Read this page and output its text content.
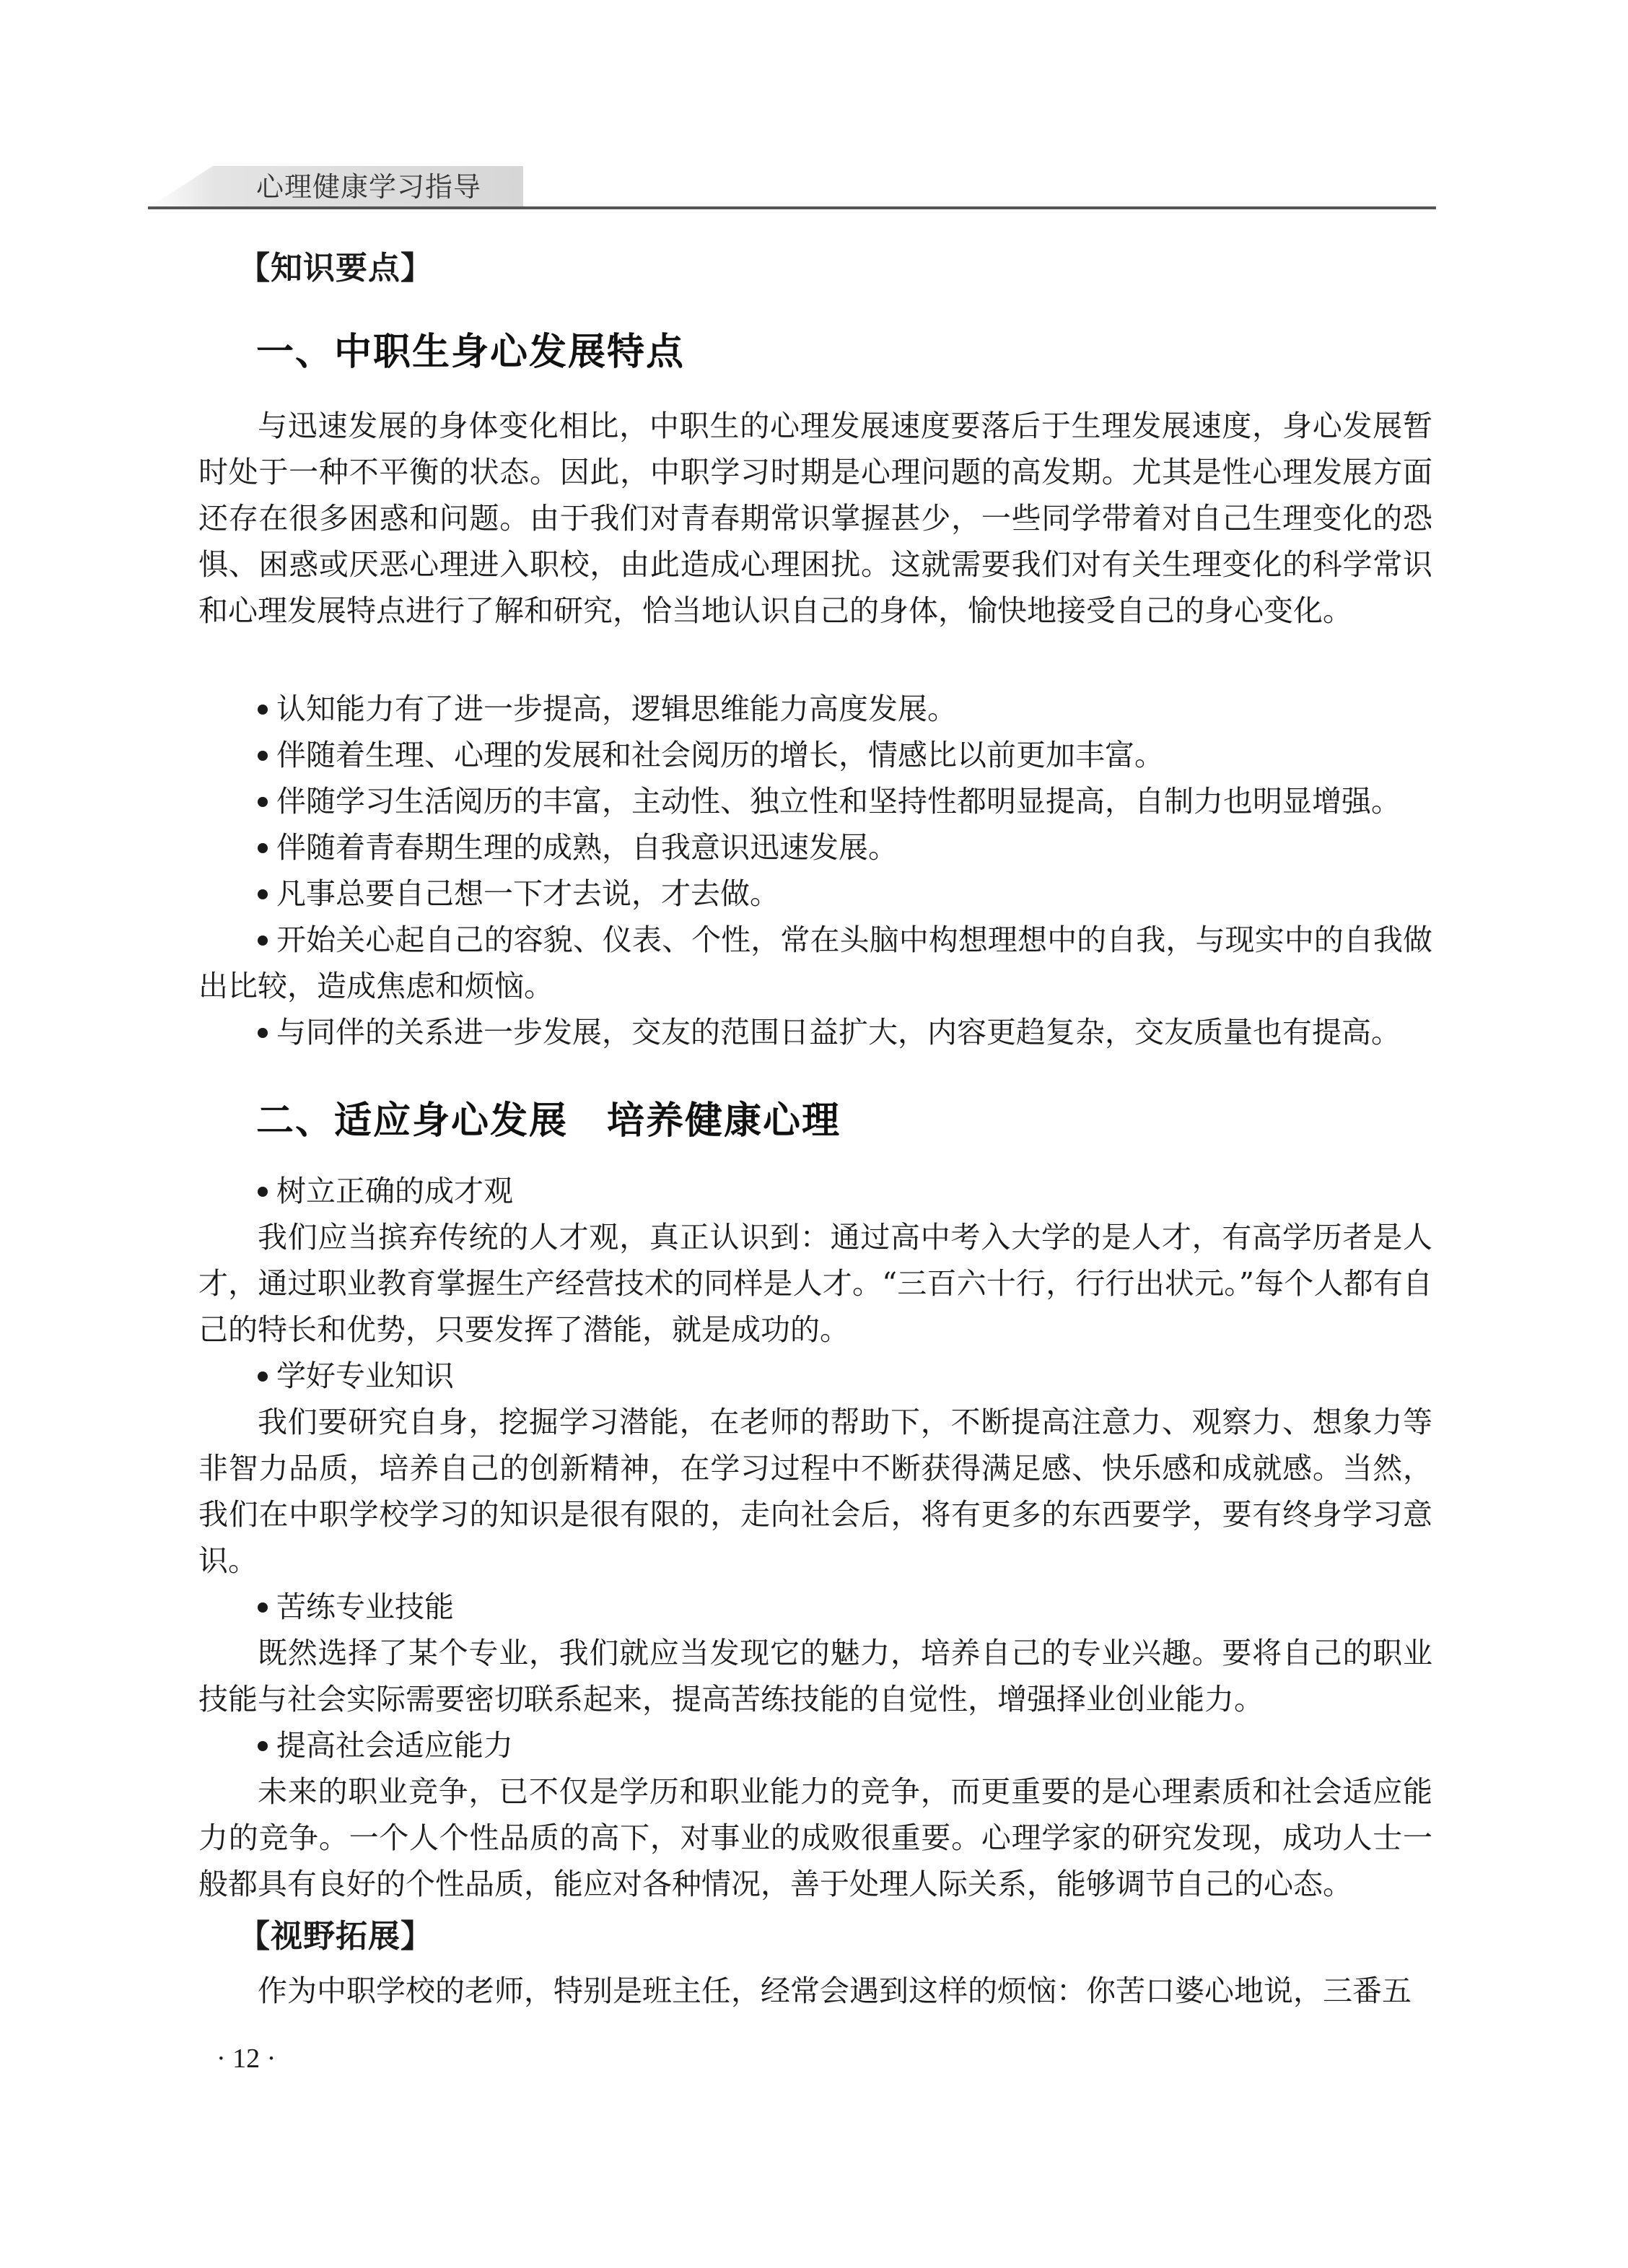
心理健康学习指导
【知识要点】
一、中职生身心发展特点

与迅速发展的身体变化相比，中职生的心理发展速度要落后于生理发展速度，身心发展暂时处于一种不平衡的状态。因此，中职学习时期是心理问题的高发期。尤其是性心理发展方面还存在很多困惑和问题。由于我们对青春期常识掌握甚少，一些同学带着对自己生理变化的恐惧、困惑或厌恶心理进入职校，由此造成心理困扰。这就需要我们对有关生理变化的科学常识和心理发展特点进行了解和研究，恰当地认识自己的身体，愉快地接受自己的身心变化。

认知能力有了进一步提高，逻辑思维能力高度发展。

伴随着生理、心理的发展和社会阅历的增长，情感比以前更加丰富。

伴随学习生活阅历的丰富，主动性、独立性和坚持性都明显提高，自制力也明显增强。

伴随着青春期生理的成熟，自我意识迅速发展。

凡事总要自己想一下才去说，才去做。

开始关心起自己的容貌、仪表、个性，常在头脑中构想理想中的自我，与现实中的自我做出比较，造成焦虑和烦恼。

与同伴的关系进一步发展，交友的范围日益扩大，内容更趋复杂，交友质量也有提高。

二、适应身心发展　培养健康心理
树立正确的成才观

我们应当摈弃传统的人才观，真正认识到：通过高中考入大学的是人才，有高学历者是人才，通过职业教育掌握生产经营技术的同样是人才。“三百六十行，行行出状元。”每个人都有自己的特长和优势，只要发挥了潜能，就是成功的。

学好专业知识

我们要研究自身，挖掘学习潜能，在老师的帮助下，不断提高注意力、观察力、想象力等非智力品质，培养自己的创新精神，在学习过程中不断获得满足感、快乐感和成就感。当然，我们在中职学校学习的知识是很有限的，走向社会后，将有更多的东西要学，要有终身学习意识。

苦练专业技能

既然选择了某个专业，我们就应当发现它的魅力，培养自己的专业兴趣。要将自己的职业技能与社会实际需要密切联系起来，提高苦练技能的自觉性，增强择业创业能力。

提高社会适应能力

未来的职业竞争，已不仅是学历和职业能力的竞争，而更重要的是心理素质和社会适应能力的竞争。一个人个性品质的高下，对事业的成败很重要。心理学家的研究发现，成功人士一般都具有良好的个性品质，能应对各种情况，善于处理人际关系，能够调节自己的心态。

【视野拓展】

作为中职学校的老师，特别是班主任，经常会遇到这样的烦恼：你苦口婆心地说，三番五

· 12 ·
